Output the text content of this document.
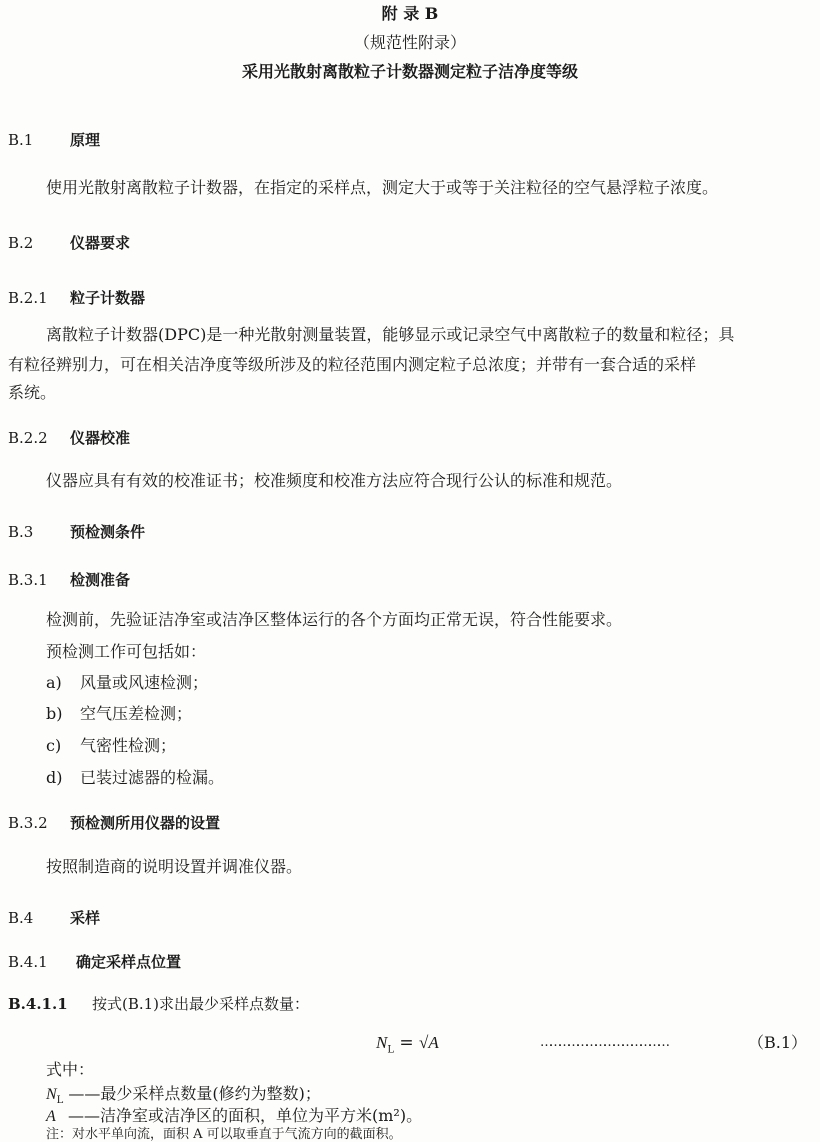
附 录 B
（规范性附录）
采用光散射离散粒子计数器测定粒子洁净度等级
B.1 原理
使用光散射离散粒子计数器，在指定的采样点，测定大于或等于关注粒径的空气悬浮粒子浓度。
B.2 仪器要求
B.2.1 粒子计数器
离散粒子计数器(DPC)是一种光散射测量装置，能够显示或记录空气中离散粒子的数量和粒径；具
有粒径辨别力，可在相关洁净度等级所涉及的粒径范围内测定粒子总浓度；并带有一套合适的采样
系统。
B.2.2 仪器校准
仪器应具有有效的校准证书；校准频度和校准方法应符合现行公认的标准和规范。
B.3 预检测条件
B.3.1 检测准备
检测前，先验证洁净室或洁净区整体运行的各个方面均正常无误，符合性能要求。
预检测工作可包括如：
a) 风量或风速检测；
b) 空气压差检测；
c) 气密性检测；
d) 已装过滤器的检漏。
B.3.2 预检测所用仪器的设置
按照制造商的说明设置并调准仪器。
B.4 采样
B.4.1 确定采样点位置
B.4.1.1 按式(B.1)求出最少采样点数量：
$N_L = √A$	……………………………………	（B.1）
式中：
$N_L$ ——最少采样点数量(修约为整数)；
A ——洁净室或洁净区的面积，单位为平方米(m²)。
注：对水平单向流，面积 A 可以取垂直于气流方向的截面积。
